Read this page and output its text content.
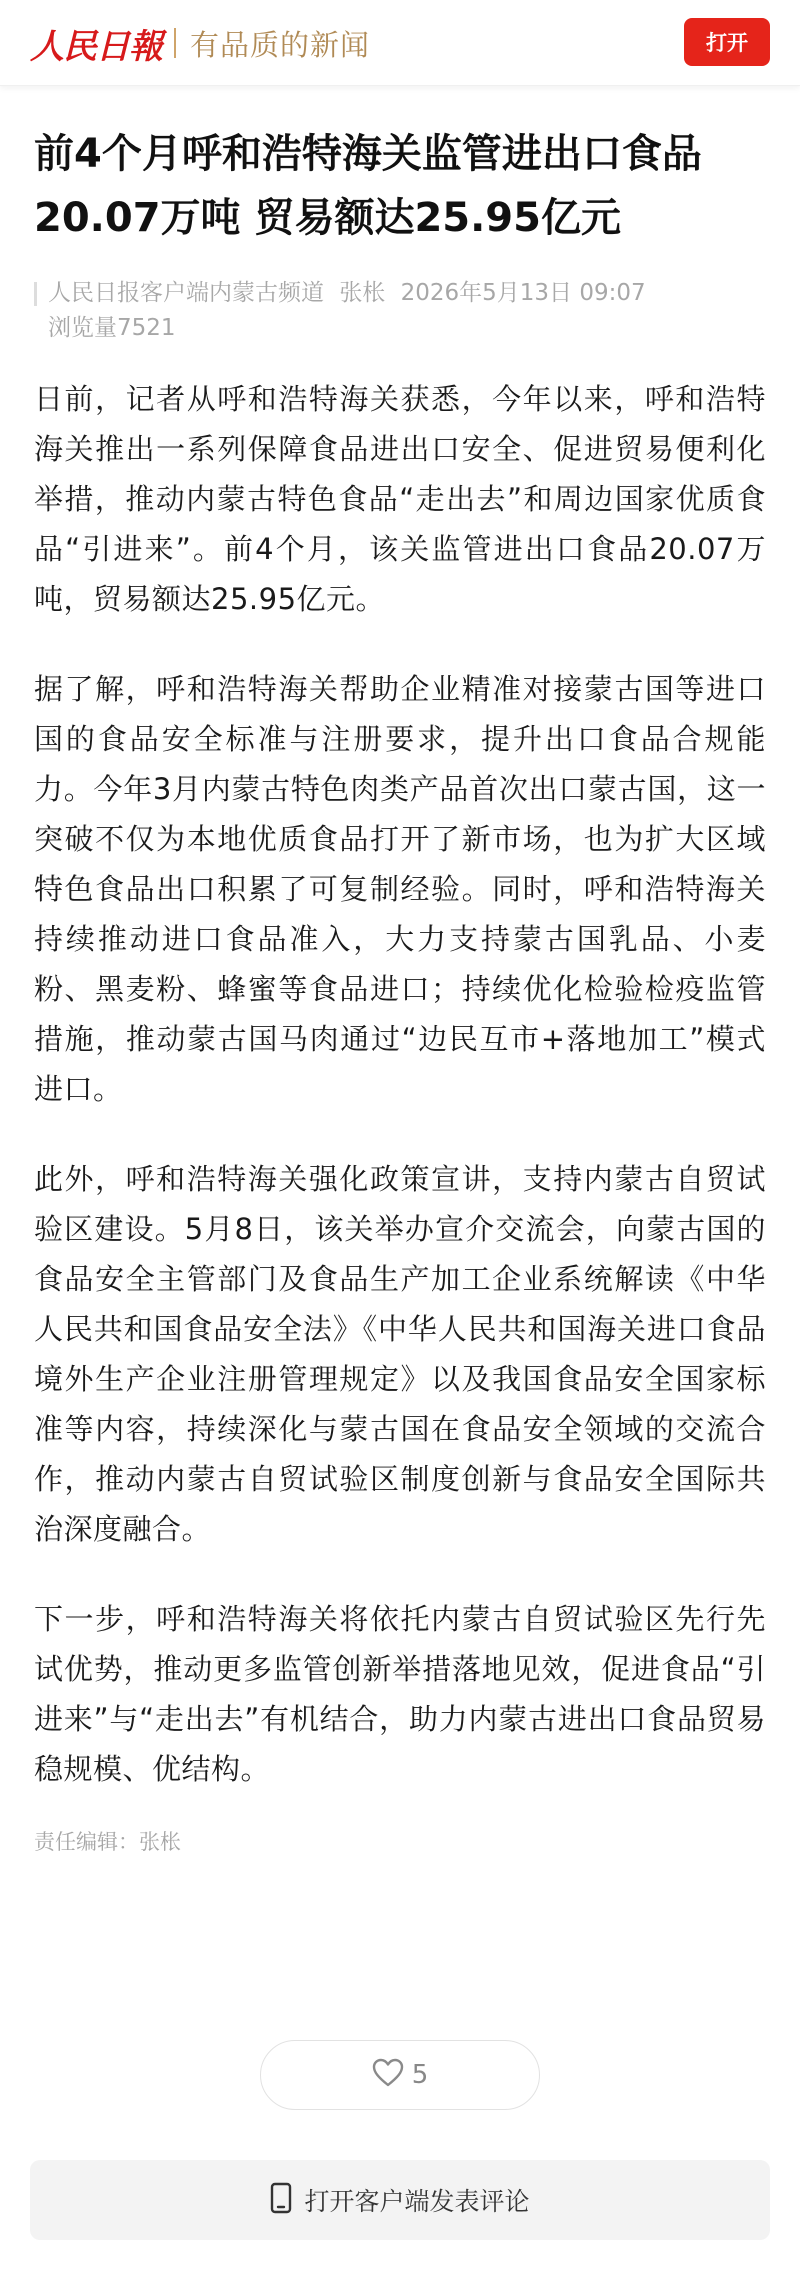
人民日報 有品质的新闻	打开
前4个月呼和浩特海关监管进出口食品20.07万吨 贸易额达25.95亿元
人民日报客户端内蒙古频道 张枨 2026年5月13日 09:07
浏览量7521

日前，记者从呼和浩特海关获悉，今年以来，呼和浩特海关推出一系列保障食品进出口安全、促进贸易便利化举措，推动内蒙古特色食品“走出去”和周边国家优质食品“引进来”。前4个月，该关监管进出口食品20.07万吨，贸易额达25.95亿元。

据了解，呼和浩特海关帮助企业精准对接蒙古国等进口国的食品安全标准与注册要求，提升出口食品合规能力。今年3月内蒙古特色肉类产品首次出口蒙古国，这一突破不仅为本地优质食品打开了新市场，也为扩大区域特色食品出口积累了可复制经验。同时，呼和浩特海关持续推动进口食品准入，大力支持蒙古国乳品、小麦粉、黑麦粉、蜂蜜等食品进口；持续优化检验检疫监管措施，推动蒙古国马肉通过“边民互市+落地加工”模式进口。

此外，呼和浩特海关强化政策宣讲，支持内蒙古自贸试验区建设。5月8日，该关举办宣介交流会，向蒙古国的食品安全主管部门及食品生产加工企业系统解读《中华人民共和国食品安全法》《中华人民共和国海关进口食品境外生产企业注册管理规定》以及我国食品安全国家标准等内容，持续深化与蒙古国在食品安全领域的交流合作，推动内蒙古自贸试验区制度创新与食品安全国际共治深度融合。

下一步，呼和浩特海关将依托内蒙古自贸试验区先行先试优势，推动更多监管创新举措落地见效，促进食品“引进来”与“走出去”有机结合，助力内蒙古进出口食品贸易稳规模、优结构。

责任编辑：张枨
5
打开客户端发表评论
